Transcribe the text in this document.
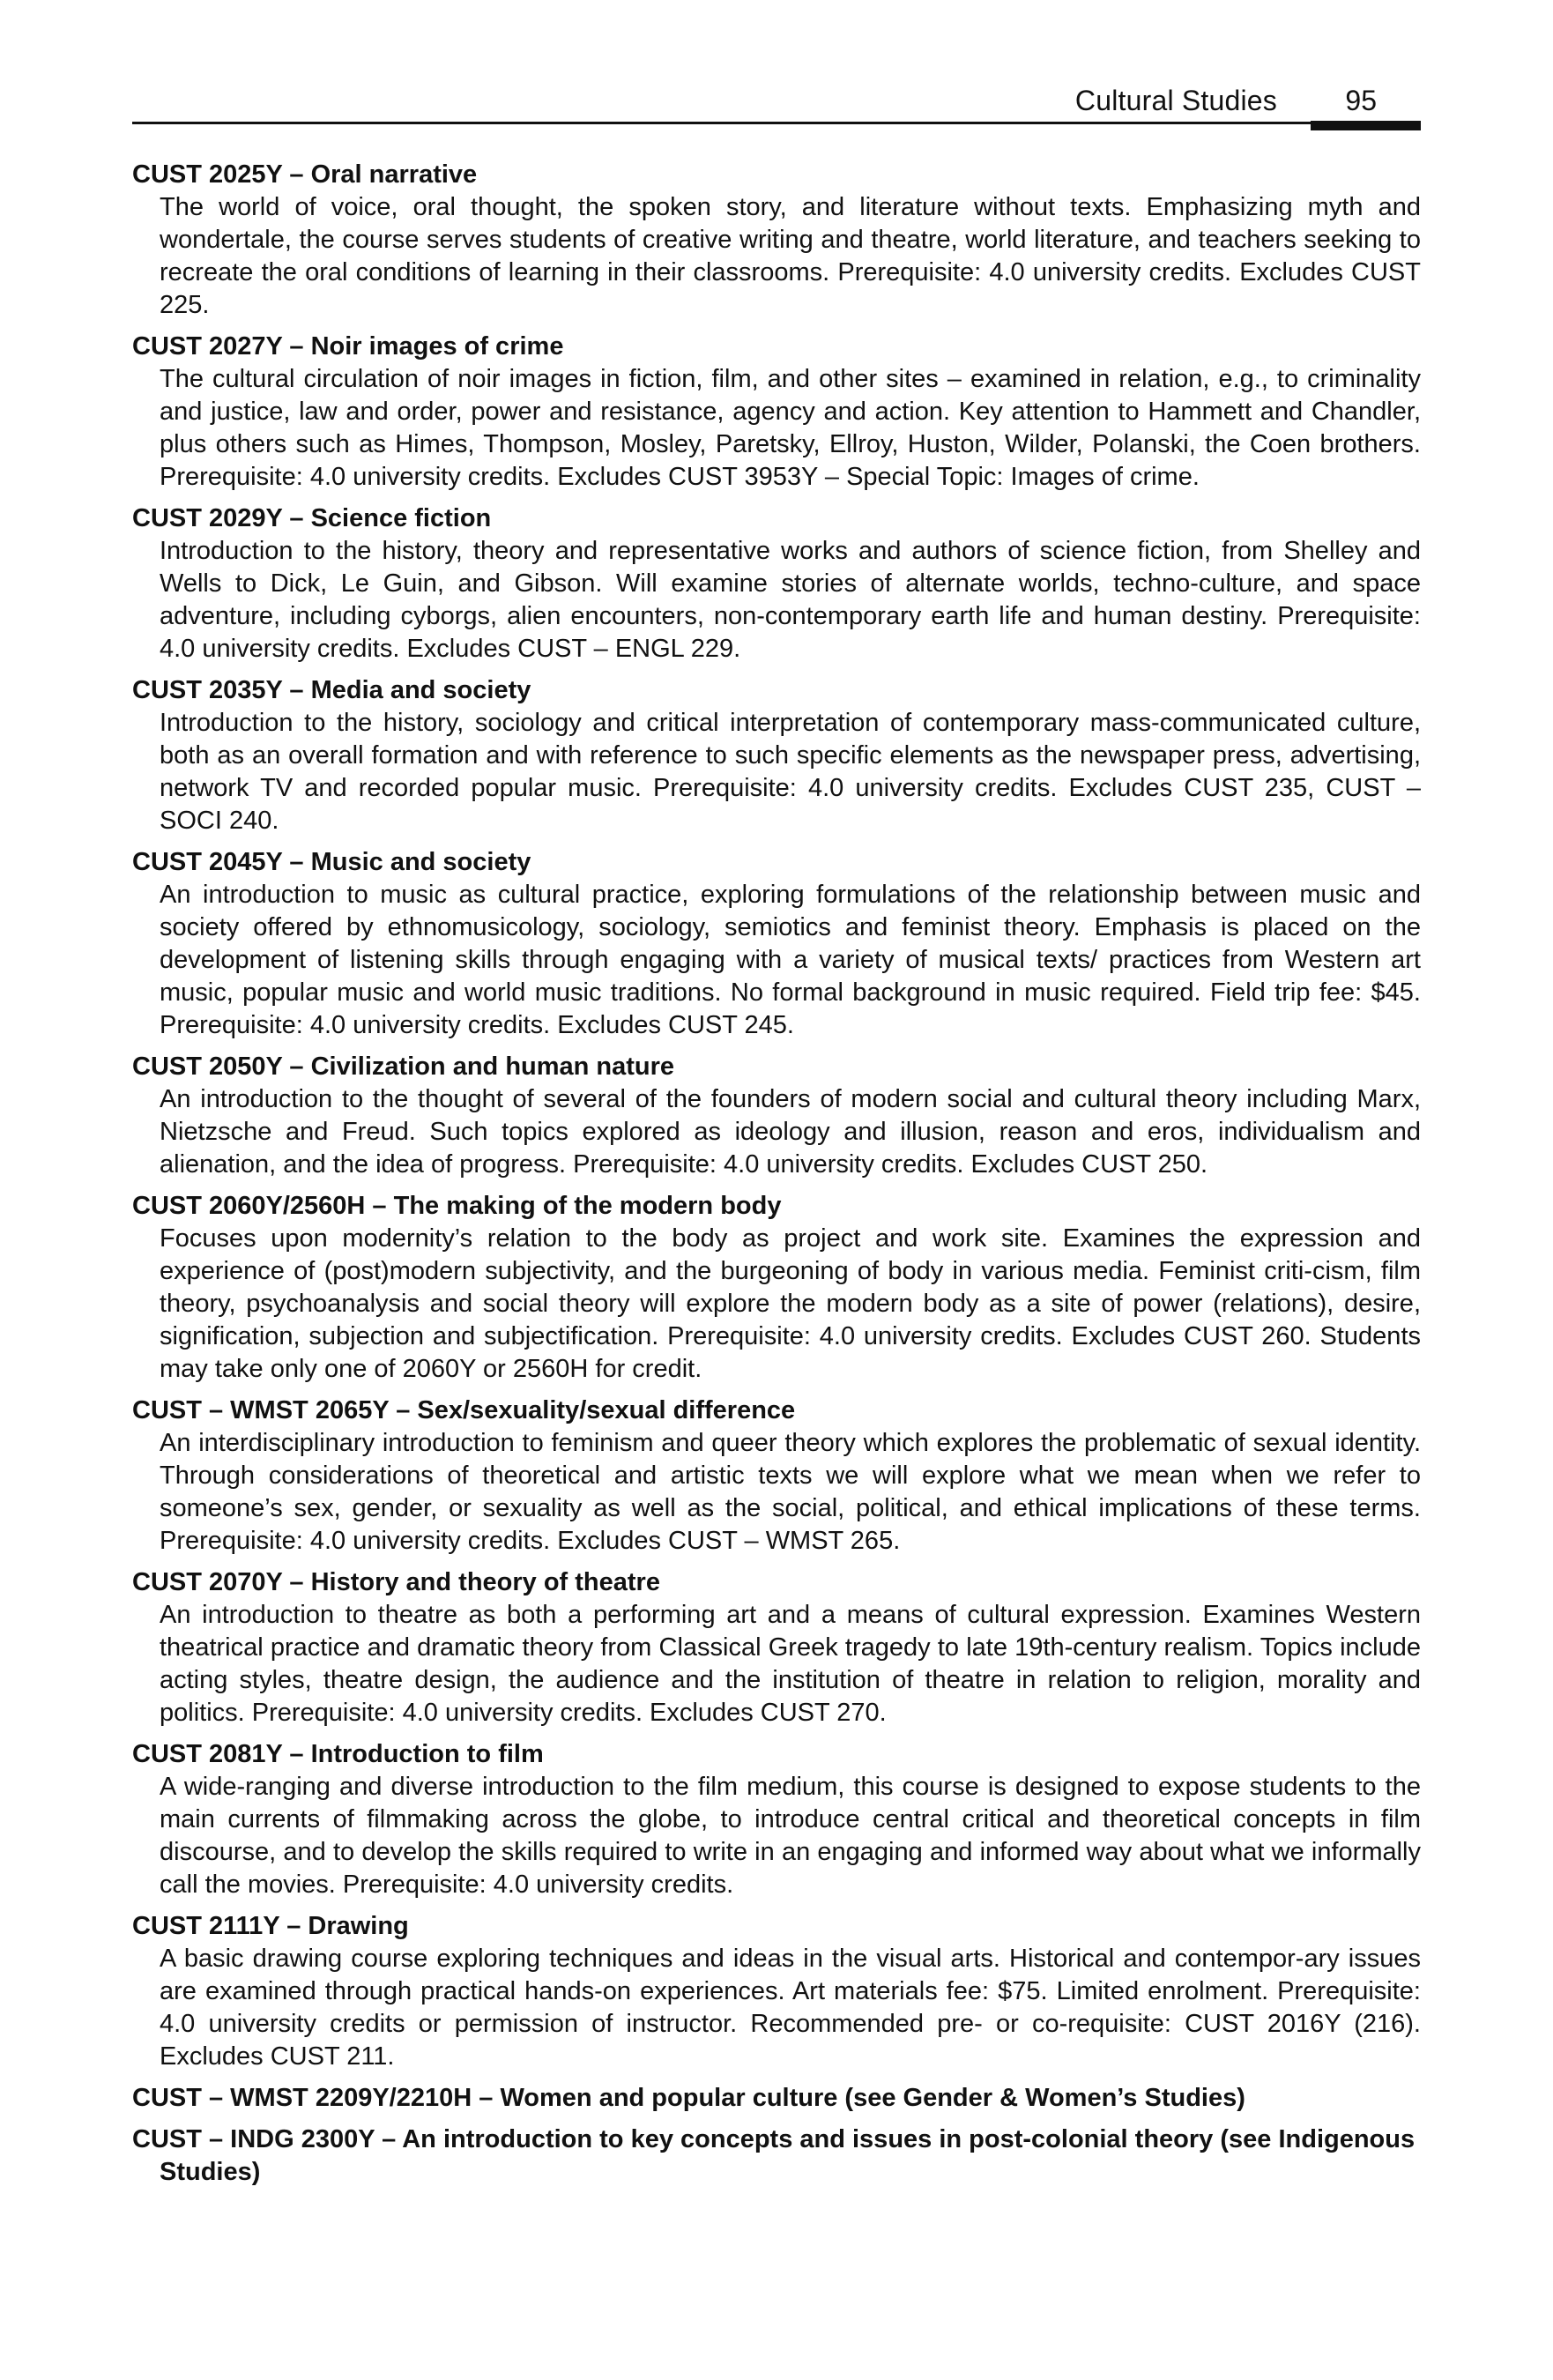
Cultural Studies 95
CUST 2025Y – Oral narrative
The world of voice, oral thought, the spoken story, and literature without texts. Emphasizing myth and wondertale, the course serves students of creative writing and theatre, world literature, and teachers seeking to recreate the oral conditions of learning in their classrooms. Prerequisite: 4.0 university credits. Excludes CUST 225.
CUST 2027Y – Noir images of crime
The cultural circulation of noir images in fiction, film, and other sites – examined in relation, e.g., to criminality and justice, law and order, power and resistance, agency and action. Key attention to Hammett and Chandler, plus others such as Himes, Thompson, Mosley, Paretsky, Ellroy, Huston, Wilder, Polanski, the Coen brothers. Prerequisite: 4.0 university credits. Excludes CUST 3953Y – Special Topic: Images of crime.
CUST 2029Y – Science fiction
Introduction to the history, theory and representative works and authors of science fiction, from Shelley and Wells to Dick, Le Guin, and Gibson. Will examine stories of alternate worlds, techno-culture, and space adventure, including cyborgs, alien encounters, non-contemporary earth life and human destiny. Prerequisite: 4.0 university credits. Excludes CUST – ENGL 229.
CUST 2035Y – Media and society
Introduction to the history, sociology and critical interpretation of contemporary mass-communicated culture, both as an overall formation and with reference to such specific elements as the newspaper press, advertising, network TV and recorded popular music. Prerequisite: 4.0 university credits. Excludes CUST 235, CUST – SOCI 240.
CUST 2045Y – Music and society
An introduction to music as cultural practice, exploring formulations of the relationship between music and society offered by ethnomusicology, sociology, semiotics and feminist theory. Emphasis is placed on the development of listening skills through engaging with a variety of musical texts/ practices from Western art music, popular music and world music traditions. No formal background in music required. Field trip fee: $45. Prerequisite: 4.0 university credits. Excludes CUST 245.
CUST 2050Y – Civilization and human nature
An introduction to the thought of several of the founders of modern social and cultural theory including Marx, Nietzsche and Freud. Such topics explored as ideology and illusion, reason and eros, individualism and alienation, and the idea of progress. Prerequisite: 4.0 university credits. Excludes CUST 250.
CUST 2060Y/2560H – The making of the modern body
Focuses upon modernity’s relation to the body as project and work site. Examines the expression and experience of (post)modern subjectivity, and the burgeoning of body in various media. Feminist criti-cism, film theory, psychoanalysis and social theory will explore the modern body as a site of power (relations), desire, signification, subjection and subjectification. Prerequisite: 4.0 university credits. Excludes CUST 260. Students may take only one of 2060Y or 2560H for credit.
CUST – WMST 2065Y – Sex/sexuality/sexual difference
An interdisciplinary introduction to feminism and queer theory which explores the problematic of sexual identity. Through considerations of theoretical and artistic texts we will explore what we mean when we refer to someone’s sex, gender, or sexuality as well as the social, political, and ethical implications of these terms. Prerequisite: 4.0 university credits. Excludes CUST – WMST 265.
CUST 2070Y – History and theory of theatre
An introduction to theatre as both a performing art and a means of cultural expression. Examines Western theatrical practice and dramatic theory from Classical Greek tragedy to late 19th-century realism. Topics include acting styles, theatre design, the audience and the institution of theatre in relation to religion, morality and politics. Prerequisite: 4.0 university credits. Excludes CUST 270.
CUST 2081Y – Introduction to film
A wide-ranging and diverse introduction to the film medium, this course is designed to expose students to the main currents of filmmaking across the globe, to introduce central critical and theoretical concepts in film discourse, and to develop the skills required to write in an engaging and informed way about what we informally call the movies. Prerequisite: 4.0 university credits.
CUST 2111Y – Drawing
A basic drawing course exploring techniques and ideas in the visual arts. Historical and contempor-ary issues are examined through practical hands-on experiences. Art materials fee: $75. Limited enrolment. Prerequisite: 4.0 university credits or permission of instructor. Recommended pre- or co-requisite: CUST 2016Y (216). Excludes CUST 211.
CUST – WMST 2209Y/2210H – Women and popular culture (see Gender & Women’s Studies)
CUST – INDG 2300Y – An introduction to key concepts and issues in post-colonial theory (see Indigenous Studies)
